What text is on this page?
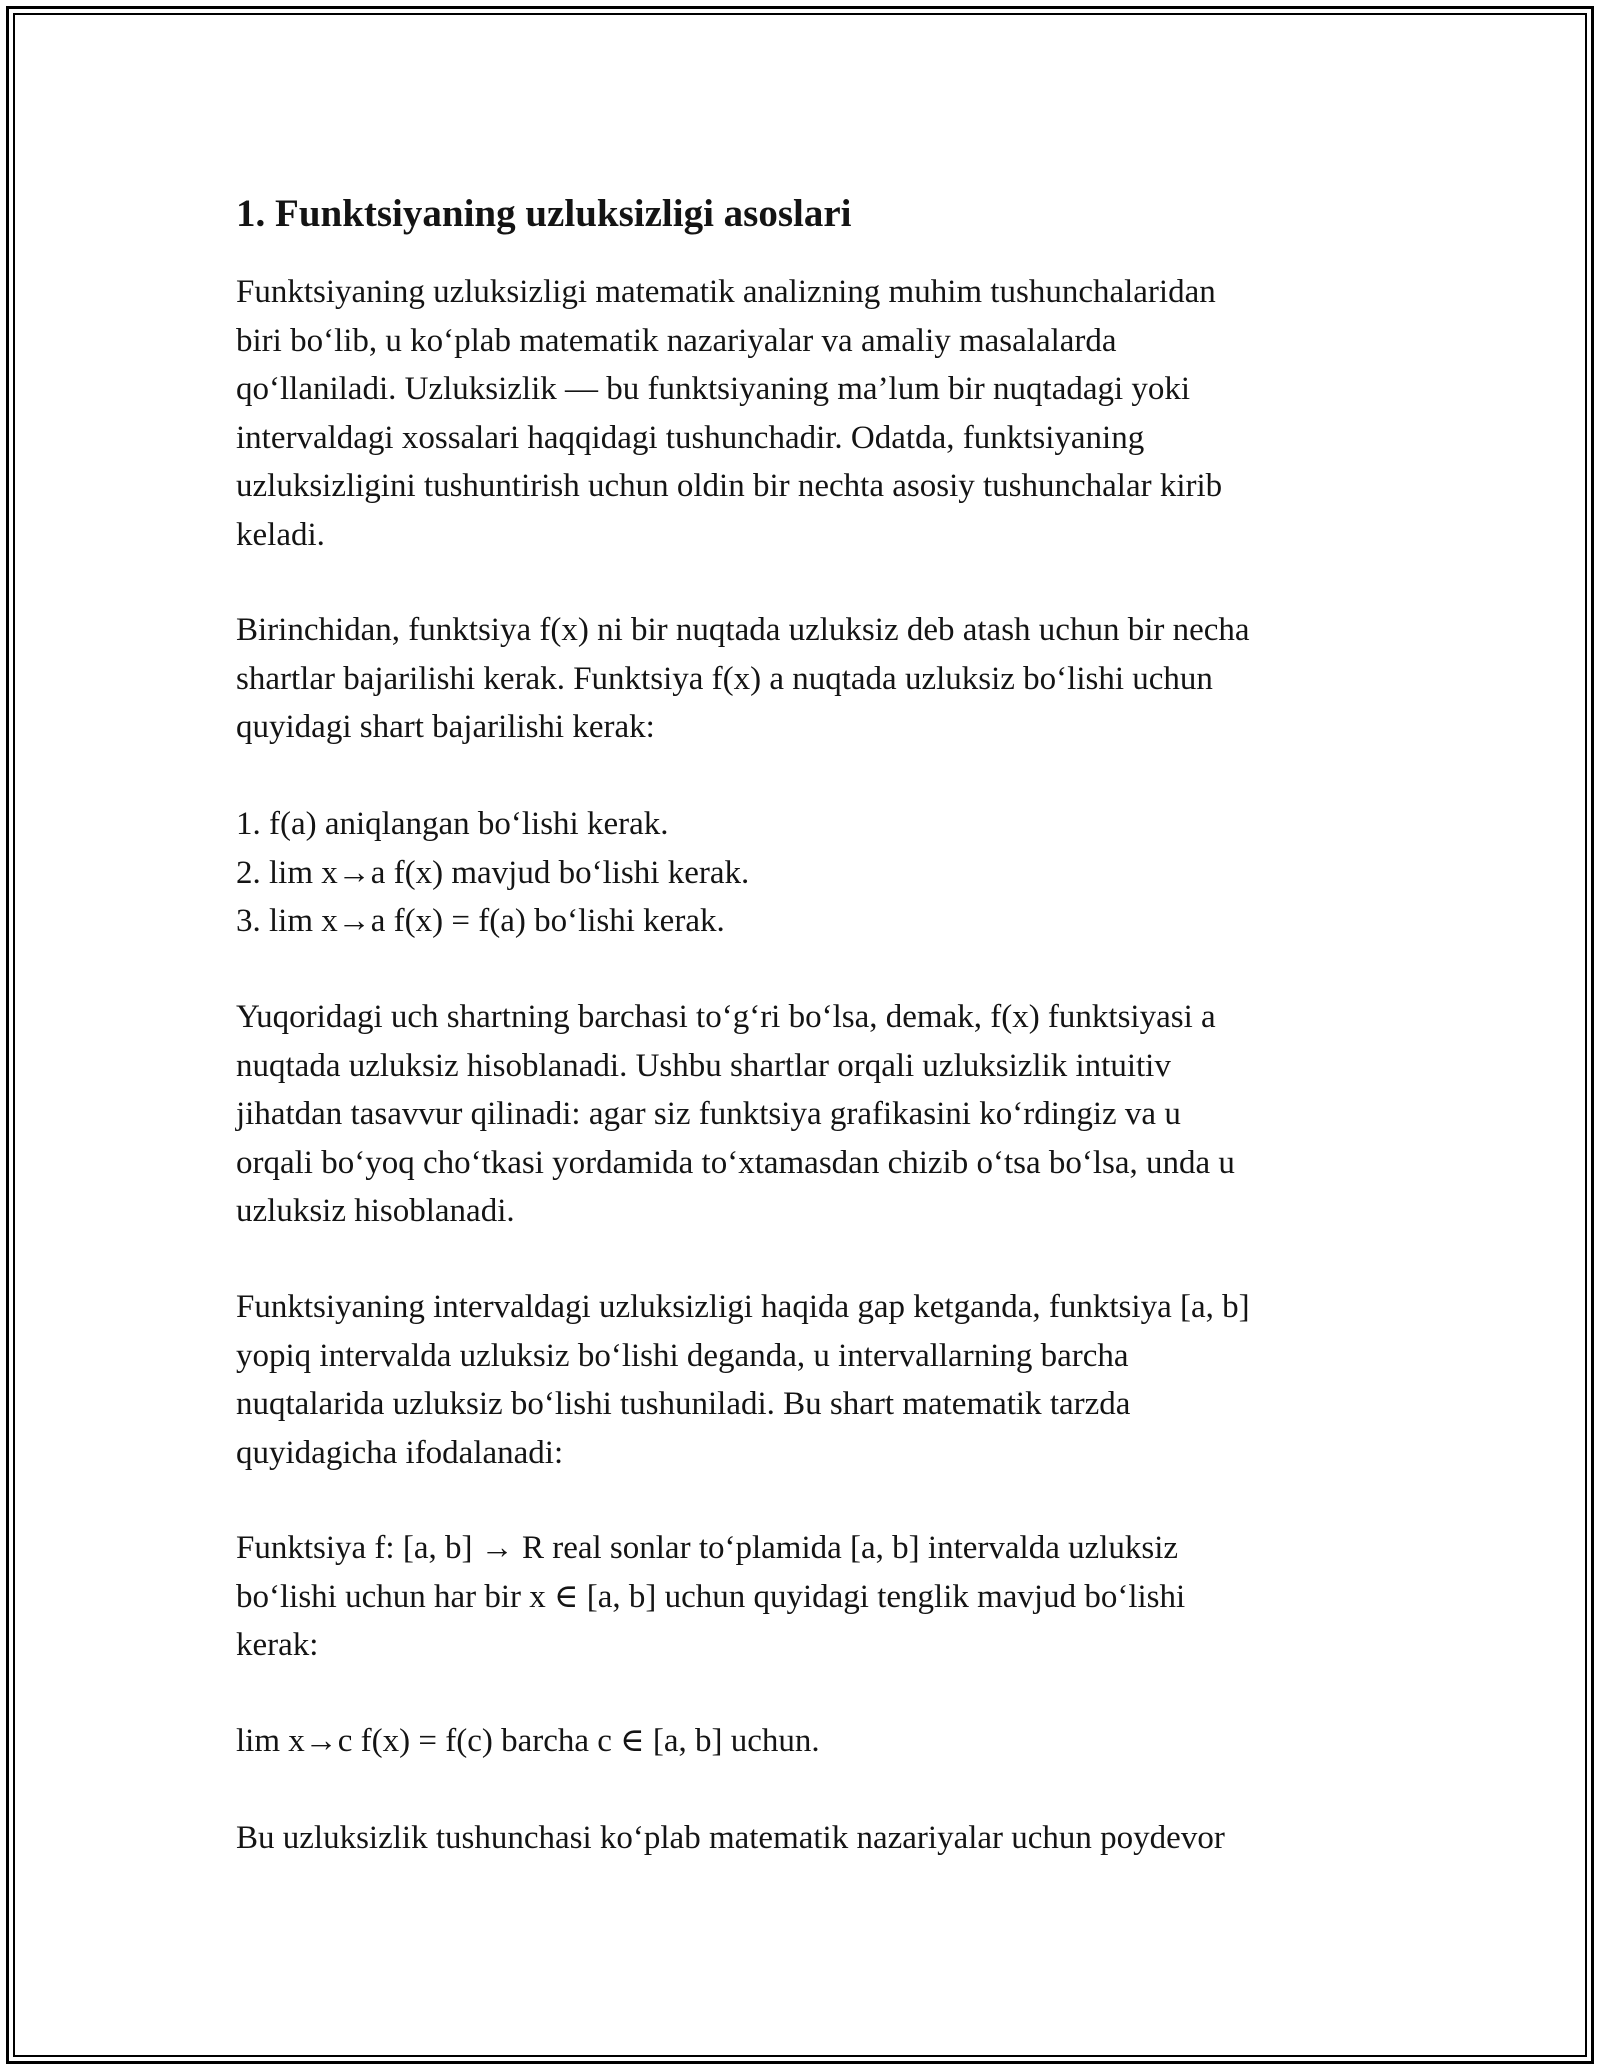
1. Funktsiyaning uzluksizligi asoslari

Funktsiyaning uzluksizligi matematik analizning muhim tushunchalaridan
biri bo‘lib, u ko‘plab matematik nazariyalar va amaliy masalalarda
qo‘llaniladi. Uzluksizlik — bu funktsiyaning ma’lum bir nuqtadagi yoki
intervaldagi xossalari haqqidagi tushunchadir. Odatda, funktsiyaning
uzluksizligini tushuntirish uchun oldin bir nechta asosiy tushunchalar kirib
keladi.

Birinchidan, funktsiya f(x) ni bir nuqtada uzluksiz deb atash uchun bir necha
shartlar bajarilishi kerak. Funktsiya f(x) a nuqtada uzluksiz bo‘lishi uchun
quyidagi shart bajarilishi kerak:

1. f(a) aniqlangan bo‘lishi kerak.
2. lim x→a f(x) mavjud bo‘lishi kerak.
3. lim x→a f(x) = f(a) bo‘lishi kerak.

Yuqoridagi uch shartning barchasi to‘g‘ri bo‘lsa, demak, f(x) funktsiyasi a
nuqtada uzluksiz hisoblanadi. Ushbu shartlar orqali uzluksizlik intuitiv
jihatdan tasavvur qilinadi: agar siz funktsiya grafikasini ko‘rdingiz va u
orqali bo‘yoq cho‘tkasi yordamida to‘xtamasdan chizib o‘tsa bo‘lsa, unda u
uzluksiz hisoblanadi.

Funktsiyaning intervaldagi uzluksizligi haqida gap ketganda, funktsiya [a, b]
yopiq intervalda uzluksiz bo‘lishi deganda, u intervallarning barcha
nuqtalarida uzluksiz bo‘lishi tushuniladi. Bu shart matematik tarzda
quyidagicha ifodalanadi:

Funktsiya f: [a, b] → R real sonlar to‘plamida [a, b] intervalda uzluksiz
bo‘lishi uchun har bir x ∈ [a, b] uchun quyidagi tenglik mavjud bo‘lishi
kerak:

lim x→c f(x) = f(c) barcha c ∈ [a, b] uchun.

Bu uzluksizlik tushunchasi ko‘plab matematik nazariyalar uchun poydevor
